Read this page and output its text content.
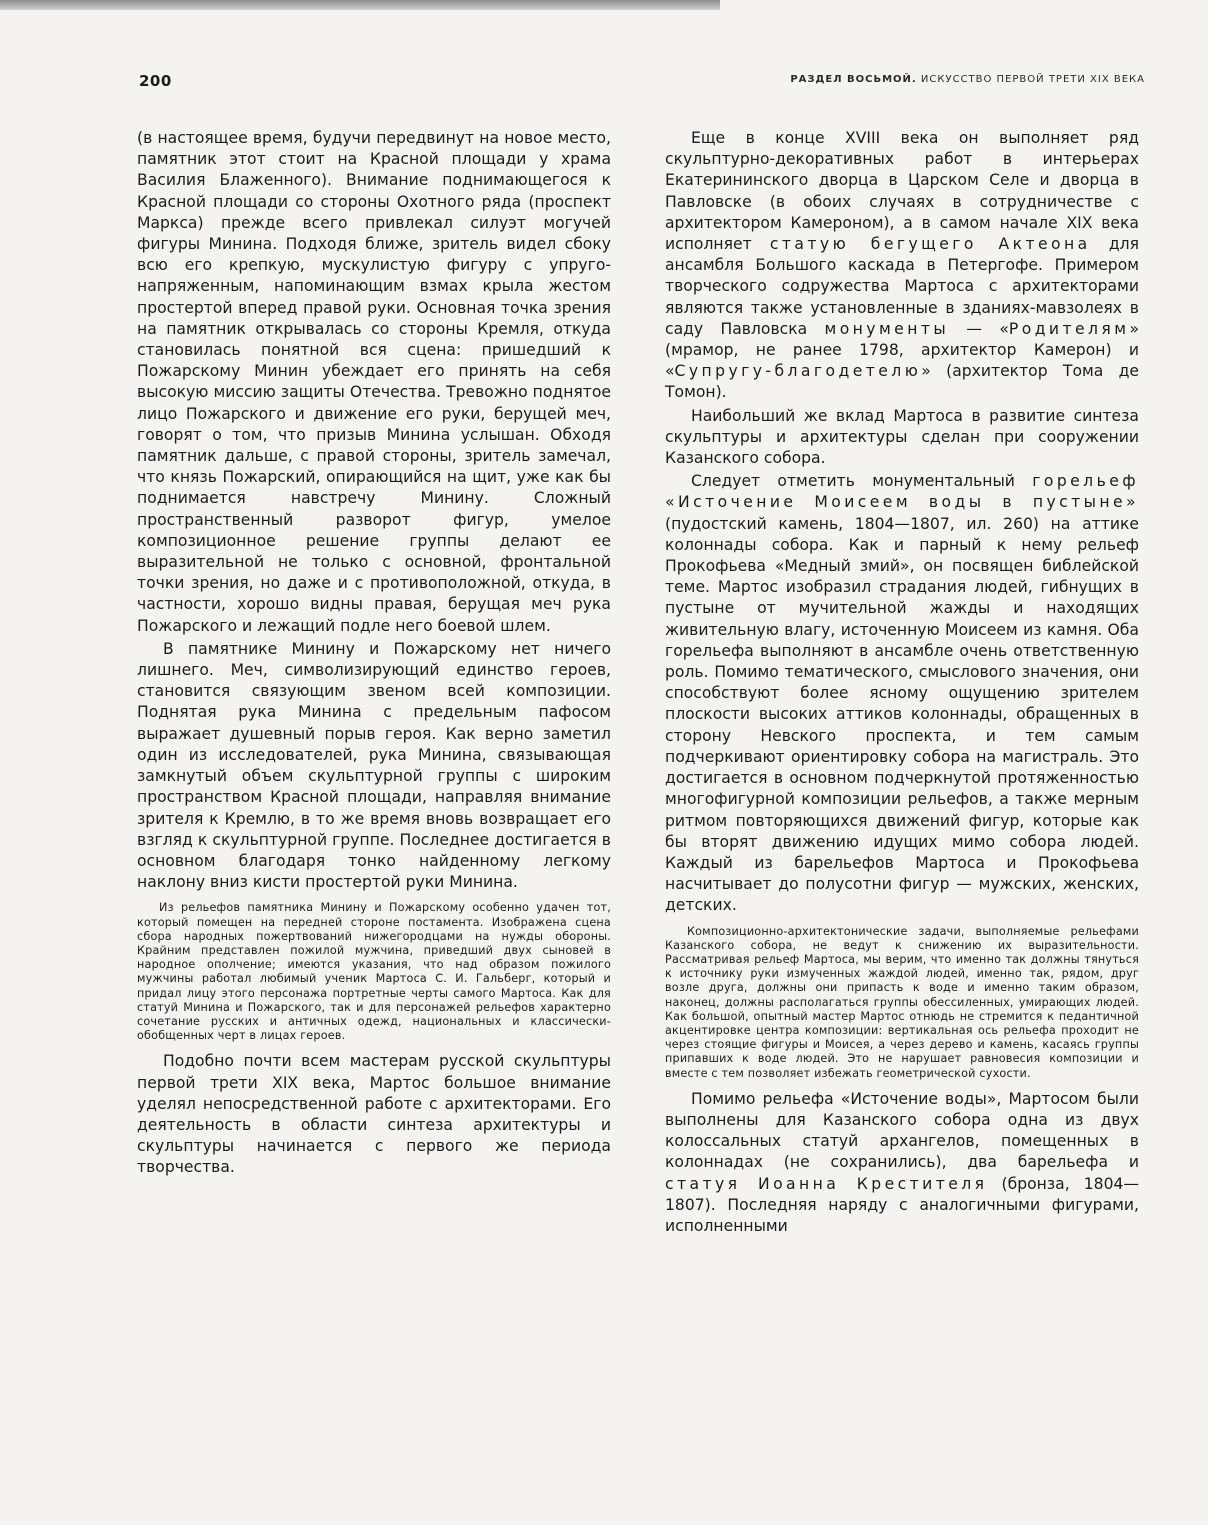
200	РАЗДЕЛ ВОСЬМОЙ. ИСКУССТВО ПЕРВОЙ ТРЕТИ XIX ВЕКА

(в настоящее время, будучи передвинут на новое место, памятник этот стоит на Красной площади у храма Василия Блаженного). Внимание поднимающегося к Красной площади со стороны Охотного ряда (проспект Маркса) прежде всего привлекал силуэт могучей фигуры Минина. Подходя ближе, зритель видел сбоку всю его крепкую, мускулистую фигуру с упруго-напряженным, напоминающим взмах крыла жестом простертой вперед правой руки. Основная точка зрения на памятник открывалась со стороны Кремля, откуда становилась понятной вся сцена: пришедший к Пожарскому Минин убеждает его принять на себя высокую миссию защиты Отечества. Тревожно поднятое лицо Пожарского и движение его руки, берущей меч, говорят о том, что призыв Минина услышан. Обходя памятник дальше, с правой стороны, зритель замечал, что князь Пожарский, опирающийся на щит, уже как бы поднимается навстречу Минину. Сложный пространственный разворот фигур, умелое композиционное решение группы делают ее выразительной не только с основной, фронтальной точки зрения, но даже и с противоположной, откуда, в частности, хорошо видны правая, берущая меч рука Пожарского и лежащий подле него боевой шлем.

В памятнике Минину и Пожарскому нет ничего лишнего. Меч, символизирующий единство героев, становится связующим звеном всей композиции. Поднятая рука Минина с предельным пафосом выражает душевный порыв героя. Как верно заметил один из исследователей, рука Минина, связывающая замкнутый объем скульптурной группы с широким пространством Красной площади, направляя внимание зрителя к Кремлю, в то же время вновь возвращает его взгляд к скульптурной группе. Последнее достигается в основном благодаря тонко найденному легкому наклону вниз кисти простертой руки Минина.

Из рельефов памятника Минину и Пожарскому особенно удачен тот, который помещен на передней стороне постамента. Изображена сцена сбора народных пожертвований нижегородцами на нужды обороны. Крайним представлен пожилой мужчина, приведший двух сыновей в народное ополчение; имеются указания, что над образом пожилого мужчины работал любимый ученик Мартоса С. И. Гальберг, который и придал лицу этого персонажа портретные черты самого Мартоса. Как для статуй Минина и Пожарского, так и для персонажей рельефов характерно сочетание русских и античных одежд, национальных и классически-обобщенных черт в лицах героев.

Подобно почти всем мастерам русской скульптуры первой трети XIX века, Мартос большое внимание уделял непосредственной работе с архитекторами. Его деятельность в области синтеза архитектуры и скульптуры начинается с первого же периода творчества.

Еще в конце XVIII века он выполняет ряд скульптурно-декоративных работ в интерьерах Екатерининского дворца в Царском Селе и дворца в Павловске (в обоих случаях в сотрудничестве с архитектором Камероном), а в самом начале XIX века исполняет статую бегущего Актеона для ансамбля Большого каскада в Петергофе. Примером творческого содружества Мартоса с архитекторами являются также установленные в зданиях-мавзолеях в саду Павловска монументы — «Родителям» (мрамор, не ранее 1798, архитектор Камерон) и «Супругу-благодетелю» (архитектор Тома де Томон).

Наибольший же вклад Мартоса в развитие синтеза скульптуры и архитектуры сделан при сооружении Казанского собора.

Следует отметить монументальный горельеф «Источение Моисеем воды в пустыне» (пудостский камень, 1804—1807, ил. 260) на аттике колоннады собора. Как и парный к нему рельеф Прокофьева «Медный змий», он посвящен библейской теме. Мартос изобразил страдания людей, гибнущих в пустыне от мучительной жажды и находящих живительную влагу, источенную Моисеем из камня. Оба горельефа выполняют в ансамбле очень ответственную роль. Помимо тематического, смыслового значения, они способствуют более ясному ощущению зрителем плоскости высоких аттиков колоннады, обращенных в сторону Невского проспекта, и тем самым подчеркивают ориентировку собора на магистраль. Это достигается в основном подчеркнутой протяженностью многофигурной композиции рельефов, а также мерным ритмом повторяющихся движений фигур, которые как бы вторят движению идущих мимо собора людей. Каждый из барельефов Мартоса и Прокофьева насчитывает до полусотни фигур — мужских, женских, детских.

Композиционно-архитектонические задачи, выполняемые рельефами Казанского собора, не ведут к снижению их выразительности. Рассматривая рельеф Мартоса, мы верим, что именно так должны тянуться к источнику руки измученных жаждой людей, именно так, рядом, друг возле друга, должны они припасть к воде и именно таким образом, наконец, должны располагаться группы обессиленных, умирающих людей. Как большой, опытный мастер Мартос отнюдь не стремится к педантичной акцентировке центра композиции: вертикальная ось рельефа проходит не через стоящие фигуры и Моисея, а через дерево и камень, касаясь группы припавших к воде людей. Это не нарушает равновесия композиции и вместе с тем позволяет избежать геометрической сухости.

Помимо рельефа «Источение воды», Мартосом были выполнены для Казанского собора одна из двух колоссальных статуй архангелов, помещенных в колоннадах (не сохранились), два барельефа и статуя Иоанна Крестителя (бронза, 1804—1807). Последняя наряду с аналогичными фигурами, исполненными
